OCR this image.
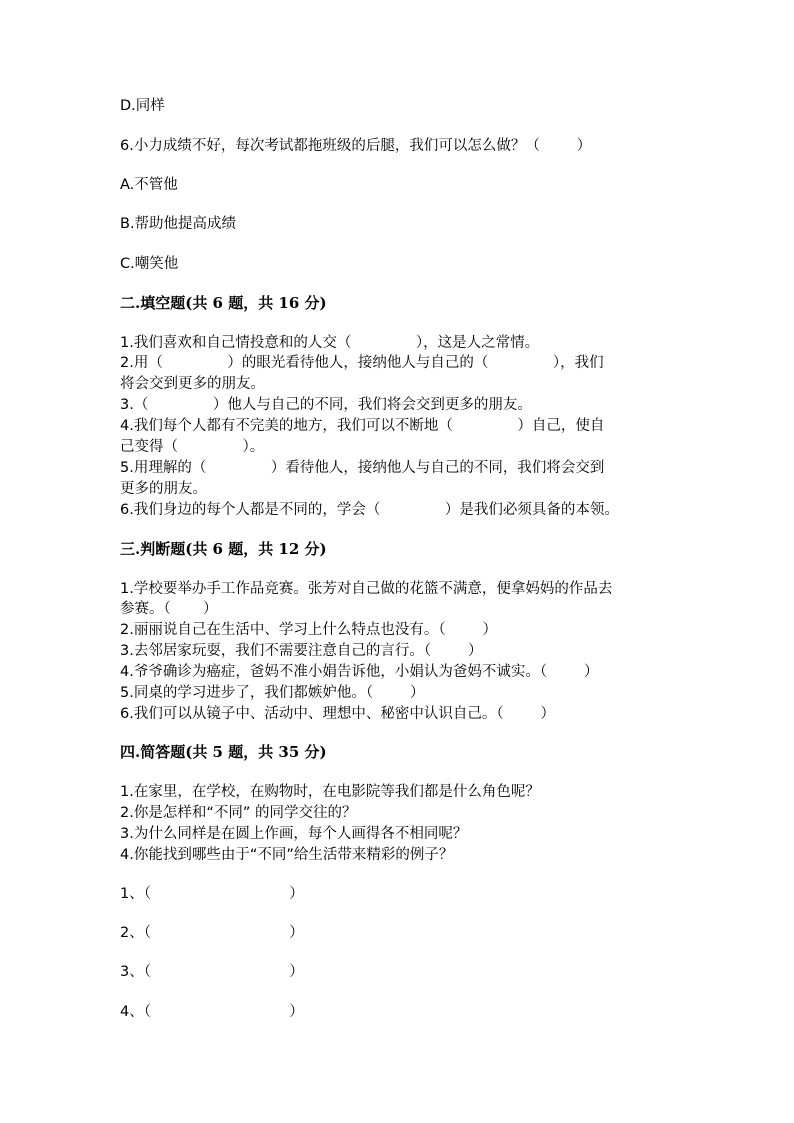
D.同样
6.小力成绩不好，每次考试都拖班级的后腿，我们可以怎么做？（        ）
A.不管他
B.帮助他提高成绩
C.嘲笑他
二.填空题(共 6 题，共 16 分)
1.我们喜欢和自己情投意和的人交（              ），这是人之常情。
2.用（              ）的眼光看待他人，接纳他人与自己的（              ），我们
将会交到更多的朋友。
3.（              ）他人与自己的不同，我们将会交到更多的朋友。
4.我们每个人都有不完美的地方，我们可以不断地（              ）自己，使自
己变得（              ）。
5.用理解的（              ）看待他人，接纳他人与自己的不同，我们将会交到
更多的朋友。
6.我们身边的每个人都是不同的，学会（              ）是我们必须具备的本领。
三.判断题(共 6 题，共 12 分)
1.学校要举办手工作品竞赛。张芳对自己做的花篮不满意，便拿妈妈的作品去
参赛。（       ）
2.丽丽说自己在生活中、学习上什么特点也没有。（        ）
3.去邻居家玩耍，我们不需要注意自己的言行。（        ）
4.爷爷确诊为癌症，爸妈不准小娟告诉他，小娟认为爸妈不诚实。（        ）
5.同桌的学习进步了，我们都嫉妒他。（        ）
6.我们可以从镜子中、活动中、理想中、秘密中认识自己。（        ）
四.简答题(共 5 题，共 35 分)
1.在家里，在学校，在购物时，在电影院等我们都是什么角色呢？
2.你是怎样和“不同” 的同学交往的？
3.为什么同样是在圆上作画，每个人画得各不相同呢？
4.你能找到哪些由于“不同”给生活带来精彩的例子？
1、（                              ）
2、（                              ）
3、（                              ）
4、（                              ）
